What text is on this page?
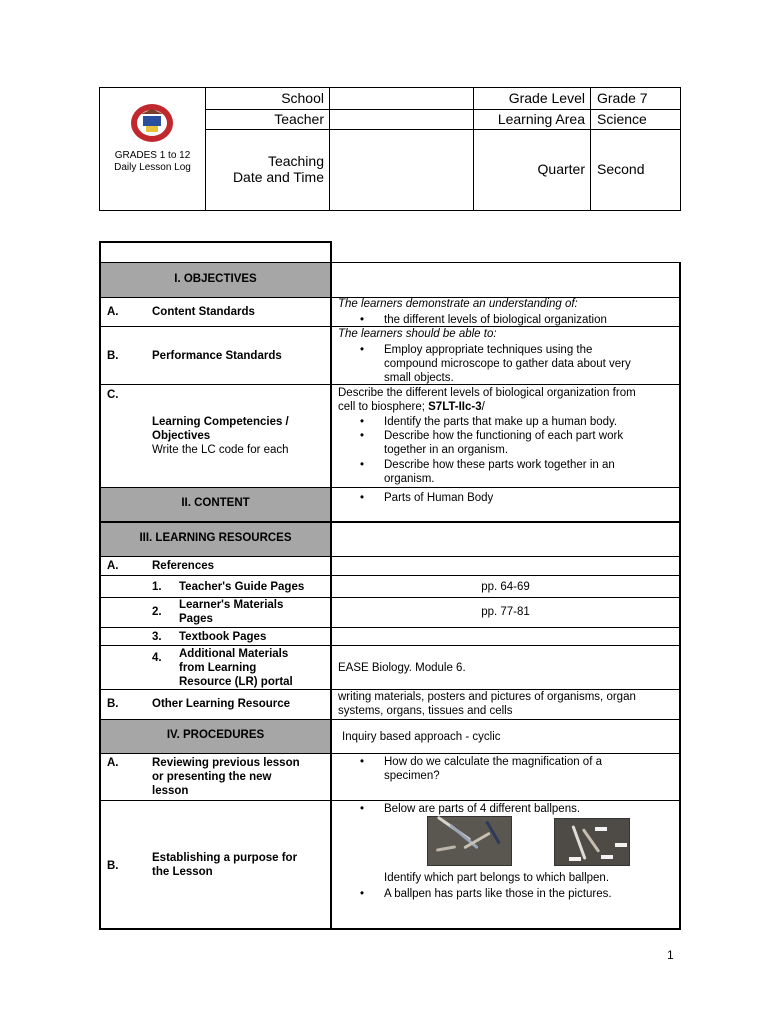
GRADES 1 to 12
Daily Lesson Log
School
Teacher
Teaching
Date and Time
Grade Level Grade 7
Learning Area Science
Quarter Second
I. OBJECTIVES
A.	Content Standards
The learners demonstrate an understanding of:
• the different levels of biological organization
B.	Performance Standards
The learners should be able to:
• Employ appropriate techniques using the
compound microscope to gather data about very
small objects.
C.
Learning Competencies /
Objectives
Write the LC code for each
Describe the different levels of biological organization from
cell to biosphere; S7LT-IIc-3/
• Identify the parts that make up a human body.
• Describe how the functioning of each part work
together in an organism.
• Describe how these parts work together in an
organism.
II. CONTENT
•	Parts of Human Body
III. LEARNING RESOURCES
A.	References
1. Teacher's Guide Pages	pp. 64-69
2.
Learner's Materials
Pages
pp. 77-81
3. Textbook Pages
4. Additional Materials
from Learning
Resource (LR) portal
EASE Biology. Module 6.
B.	Other Learning Resource
writing materials, posters and pictures of organisms, organ
systems, organs, tissues and cells
IV. PROCEDURES	Inquiry based approach - cyclic
A.	Reviewing previous lesson
or presenting the new
lesson
• How do we calculate the magnification of a
specimen?
B.
Establishing a purpose for
the Lesson
• Below are parts of 4 different ballpens.
Identify which part belongs to which ballpen.
• A ballpen has parts like those in the pictures.
1
